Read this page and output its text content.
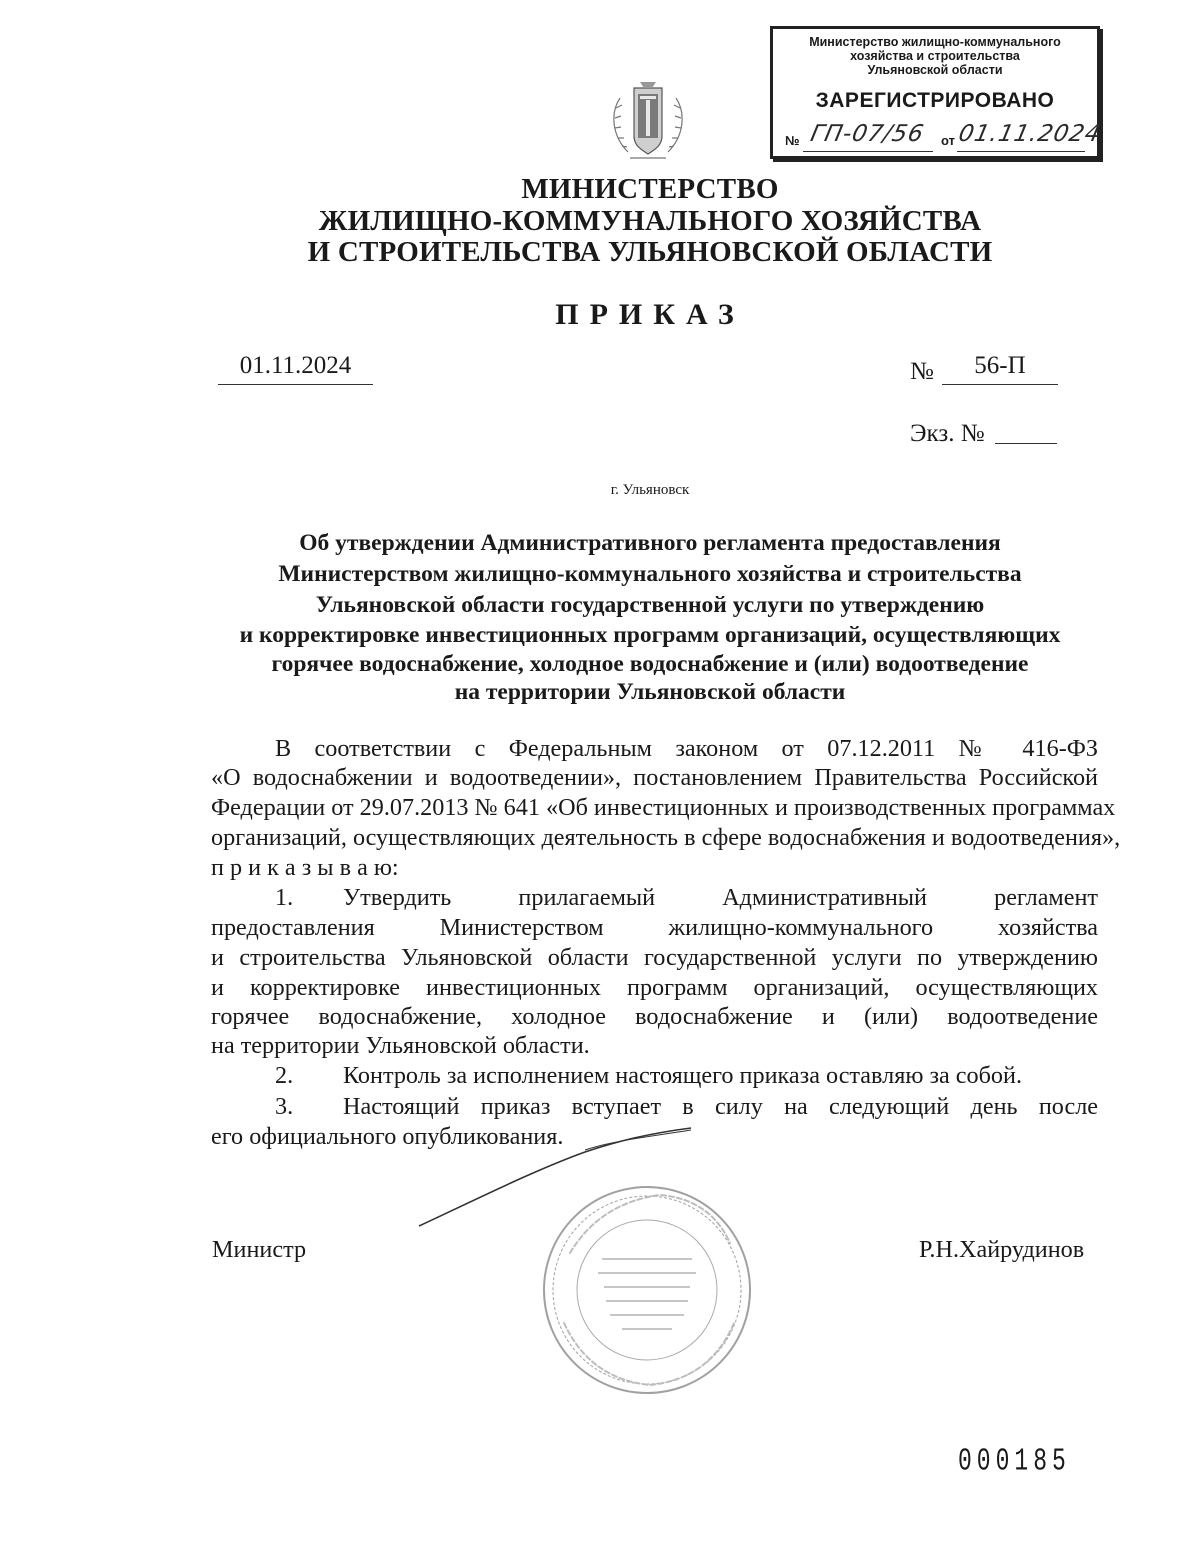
Министерство жилищно-коммунального
хозяйства и строительства
Ульяновской области
ЗАРЕГИСТРИРОВАНО
№ ГП-07/56 от 01.11.2024
МИНИСТЕРСТВО
ЖИЛИЩНО-КОММУНАЛЬНОГО ХОЗЯЙСТВА
И СТРОИТЕЛЬСТВА УЛЬЯНОВСКОЙ ОБЛАСТИ
ПРИКАЗ
01.11.2024	№	56-П
Экз. №
г. Ульяновск
Об утверждении Административного регламента предоставления
Министерством жилищно-коммунального хозяйства и строительства
Ульяновской области государственной услуги по утверждению
и корректировке инвестиционных программ организаций, осуществляющих
горячее водоснабжение, холодное водоснабжение и (или) водоотведение
на территории Ульяновской области
В соответствии с Федеральным законом от 07.12.2011 № 416-ФЗ
«О водоснабжении и водоотведении», постановлением Правительства Российской
Федерации от 29.07.2013 № 641 «Об инвестиционных и производственных программах
организаций, осуществляющих деятельность в сфере водоснабжения и водоотведения»,
п р и к а з ы в а ю:
1. Утвердить прилагаемый Административный регламент
предоставления Министерством жилищно-коммунального хозяйства
и строительства Ульяновской области государственной услуги по утверждению
и корректировке инвестиционных программ организаций, осуществляющих
горячее водоснабжение, холодное водоснабжение и (или) водоотведение
на территории Ульяновской области.
2. Контроль за исполнением настоящего приказа оставляю за собой.
3. Настоящий приказ вступает в силу на следующий день после
его официального опубликования.
Министр	Р.Н.Хайрудинов
000185
